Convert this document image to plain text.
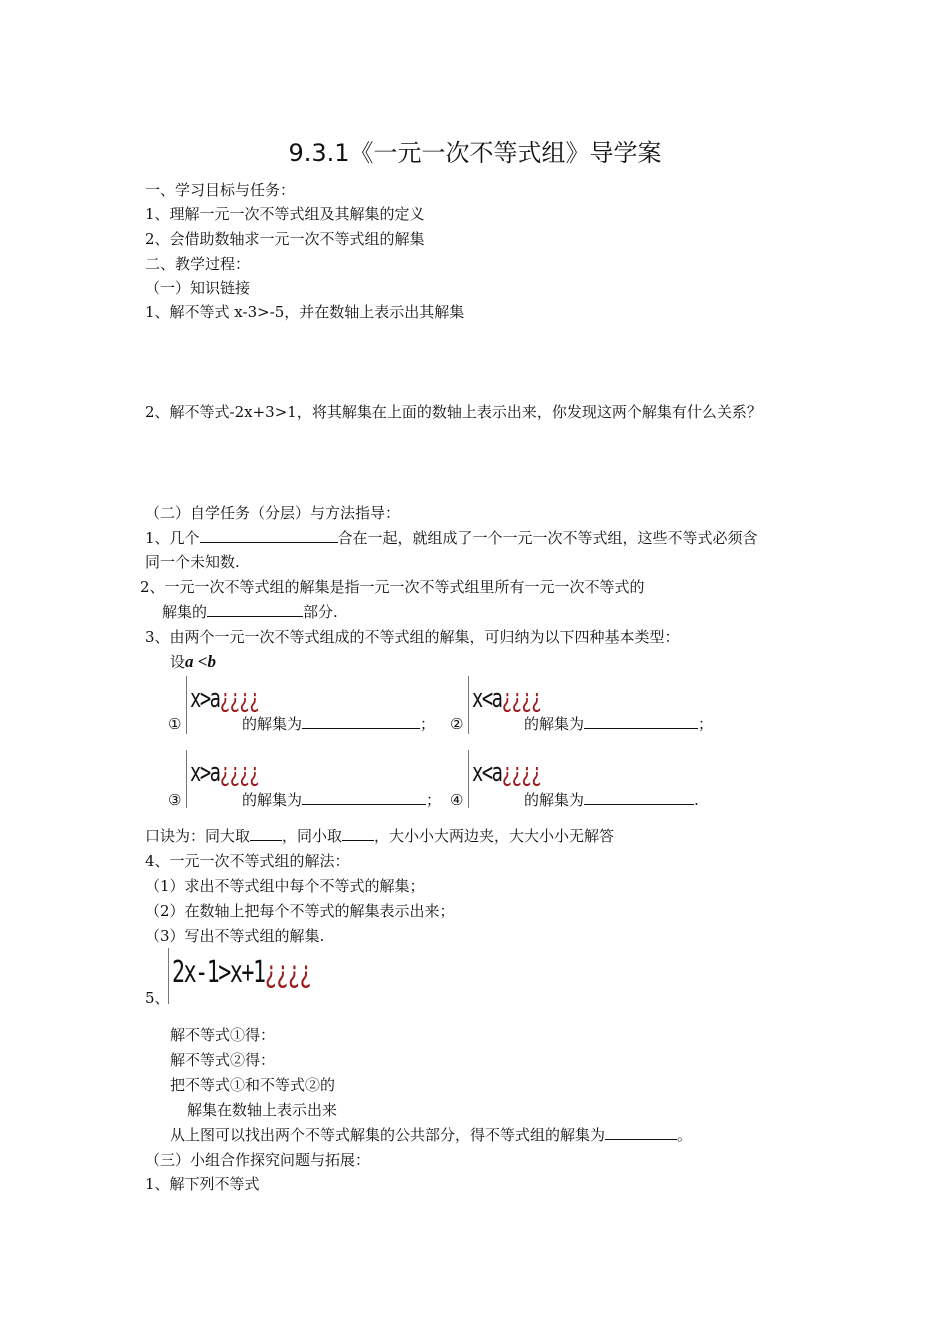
9.3.1《一元一次不等式组》导学案
一、学习目标与任务：
1、理解一元一次不等式组及其解集的定义
2、会借助数轴求一元一次不等式组的解集
二、教学过程：
（一）知识链接
1、解不等式 x-3>-5，并在数轴上表示出其解集
2、解不等式-2x+3>1，将其解集在上面的数轴上表示出来，你发现这两个解集有什么关系？
（二）自学任务（分层）与方法指导：
1、几个	合在一起，就组成了一个一元一次不等式组，这些不等式必须含
同一个未知数.
2、一元一次不等式组的解集是指一元一次不等式组里所有一元一次不等式的
解集的	部分.
3、由两个一元一次不等式组成的不等式组的解集，可归纳为以下四种基本类型：
设a <b
x>a¿¿¿¿
①	的解集为	；
x<a¿¿¿¿
②	的解集为	；
x>a¿¿¿¿
③	的解集为	；
x<a¿¿¿¿
④	的解集为	.
口诀为：同大取 ，同小取 ，大小小大两边夹，大大小小无解答
4、一元一次不等式组的解法：
（1）求出不等式组中每个不等式的解集；
（2）在数轴上把每个不等式的解集表示出来；
（3）写出不等式组的解集.
2x-1>x+1¿¿¿¿
5、
解不等式①得：
解不等式②得：
把不等式①和不等式②的
解集在数轴上表示出来
从上图可以找出两个不等式解集的公共部分，得不等式组的解集为	。
（三）小组合作探究问题与拓展：
1、解下列不等式
